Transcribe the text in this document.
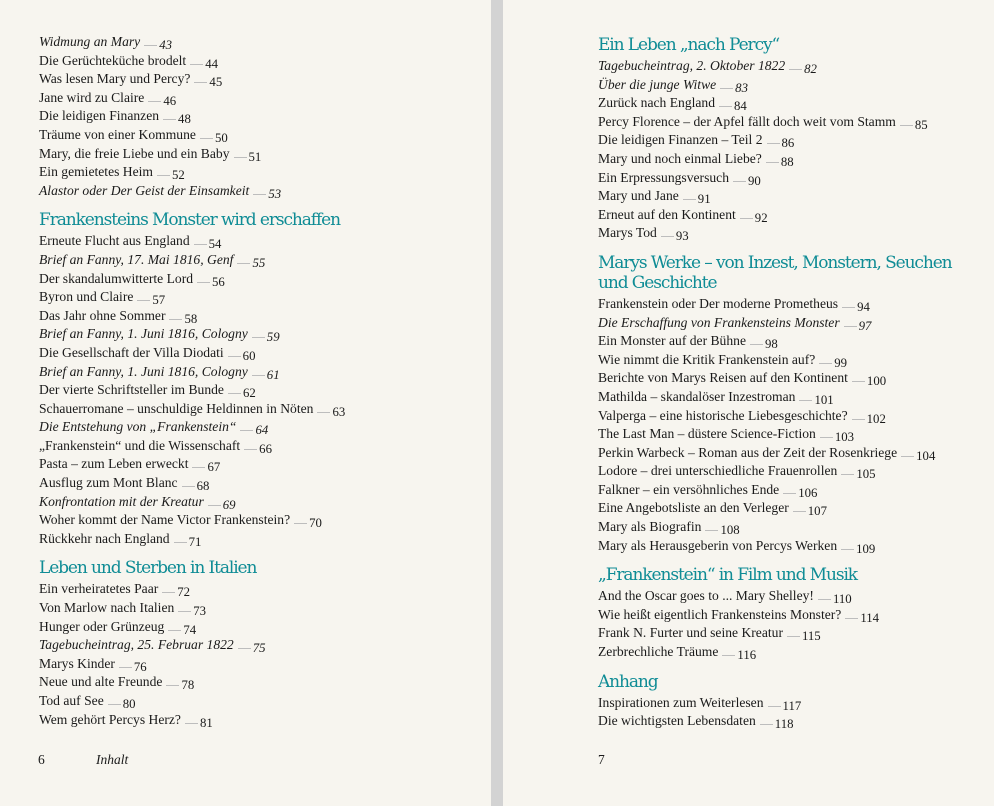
Widmung an Mary 43
Die Gerüchteküche brodelt 44
Was lesen Mary und Percy? 45
Jane wird zu Claire 46
Die leidigen Finanzen 48
Träume von einer Kommune 50
Mary, die freie Liebe und ein Baby 51
Ein gemietetes Heim 52
Alastor oder Der Geist der Einsamkeit 53
Frankensteins Monster wird erschaffen
Erneute Flucht aus England 54
Brief an Fanny, 17. Mai 1816, Genf 55
Der skandalumwitterte Lord 56
Byron und Claire 57
Das Jahr ohne Sommer 58
Brief an Fanny, 1. Juni 1816, Cologny 59
Die Gesellschaft der Villa Diodati 60
Brief an Fanny, 1. Juni 1816, Cologny 61
Der vierte Schriftsteller im Bunde 62
Schauerromane – unschuldige Heldinnen in Nöten 63
Die Entstehung von „Frankenstein“ 64
„Frankenstein“ und die Wissenschaft 66
Pasta – zum Leben erweckt 67
Ausflug zum Mont Blanc 68
Konfrontation mit der Kreatur 69
Woher kommt der Name Victor Frankenstein? 70
Rückkehr nach England 71
Leben und Sterben in Italien
Ein verheiratetes Paar 72
Von Marlow nach Italien 73
Hunger oder Grünzeug 74
Tagebucheintrag, 25. Februar 1822 75
Marys Kinder 76
Neue und alte Freunde 78
Tod auf See 80
Wem gehört Percys Herz? 81
6	Inhalt
Ein Leben „nach Percy“
Tagebucheintrag, 2. Oktober 1822 82
Über die junge Witwe 83
Zurück nach England 84
Percy Florence – der Apfel fällt doch weit vom Stamm 85
Die leidigen Finanzen – Teil 2 86
Mary und noch einmal Liebe? 88
Ein Erpressungsversuch 90
Mary und Jane 91
Erneut auf den Kontinent 92
Marys Tod 93
Marys Werke – von Inzest, Monstern, Seuchen und Geschichte
Frankenstein oder Der moderne Prometheus 94
Die Erschaffung von Frankensteins Monster 97
Ein Monster auf der Bühne 98
Wie nimmt die Kritik Frankenstein auf? 99
Berichte von Marys Reisen auf den Kontinent 100
Mathilda – skandalöser Inzestroman 101
Valperga – eine historische Liebesgeschichte? 102
The Last Man – düstere Science-Fiction 103
Perkin Warbeck – Roman aus der Zeit der Rosenkriege 104
Lodore – drei unterschiedliche Frauenrollen 105
Falkner – ein versöhnliches Ende 106
Eine Angebotsliste an den Verleger 107
Mary als Biografin 108
Mary als Herausgeberin von Percys Werken 109
„Frankenstein“ in Film und Musik
And the Oscar goes to ... Mary Shelley! 110
Wie heißt eigentlich Frankensteins Monster? 114
Frank N. Furter und seine Kreatur 115
Zerbrechliche Träume 116
Anhang
Inspirationen zum Weiterlesen 117
Die wichtigsten Lebensdaten 118
7
